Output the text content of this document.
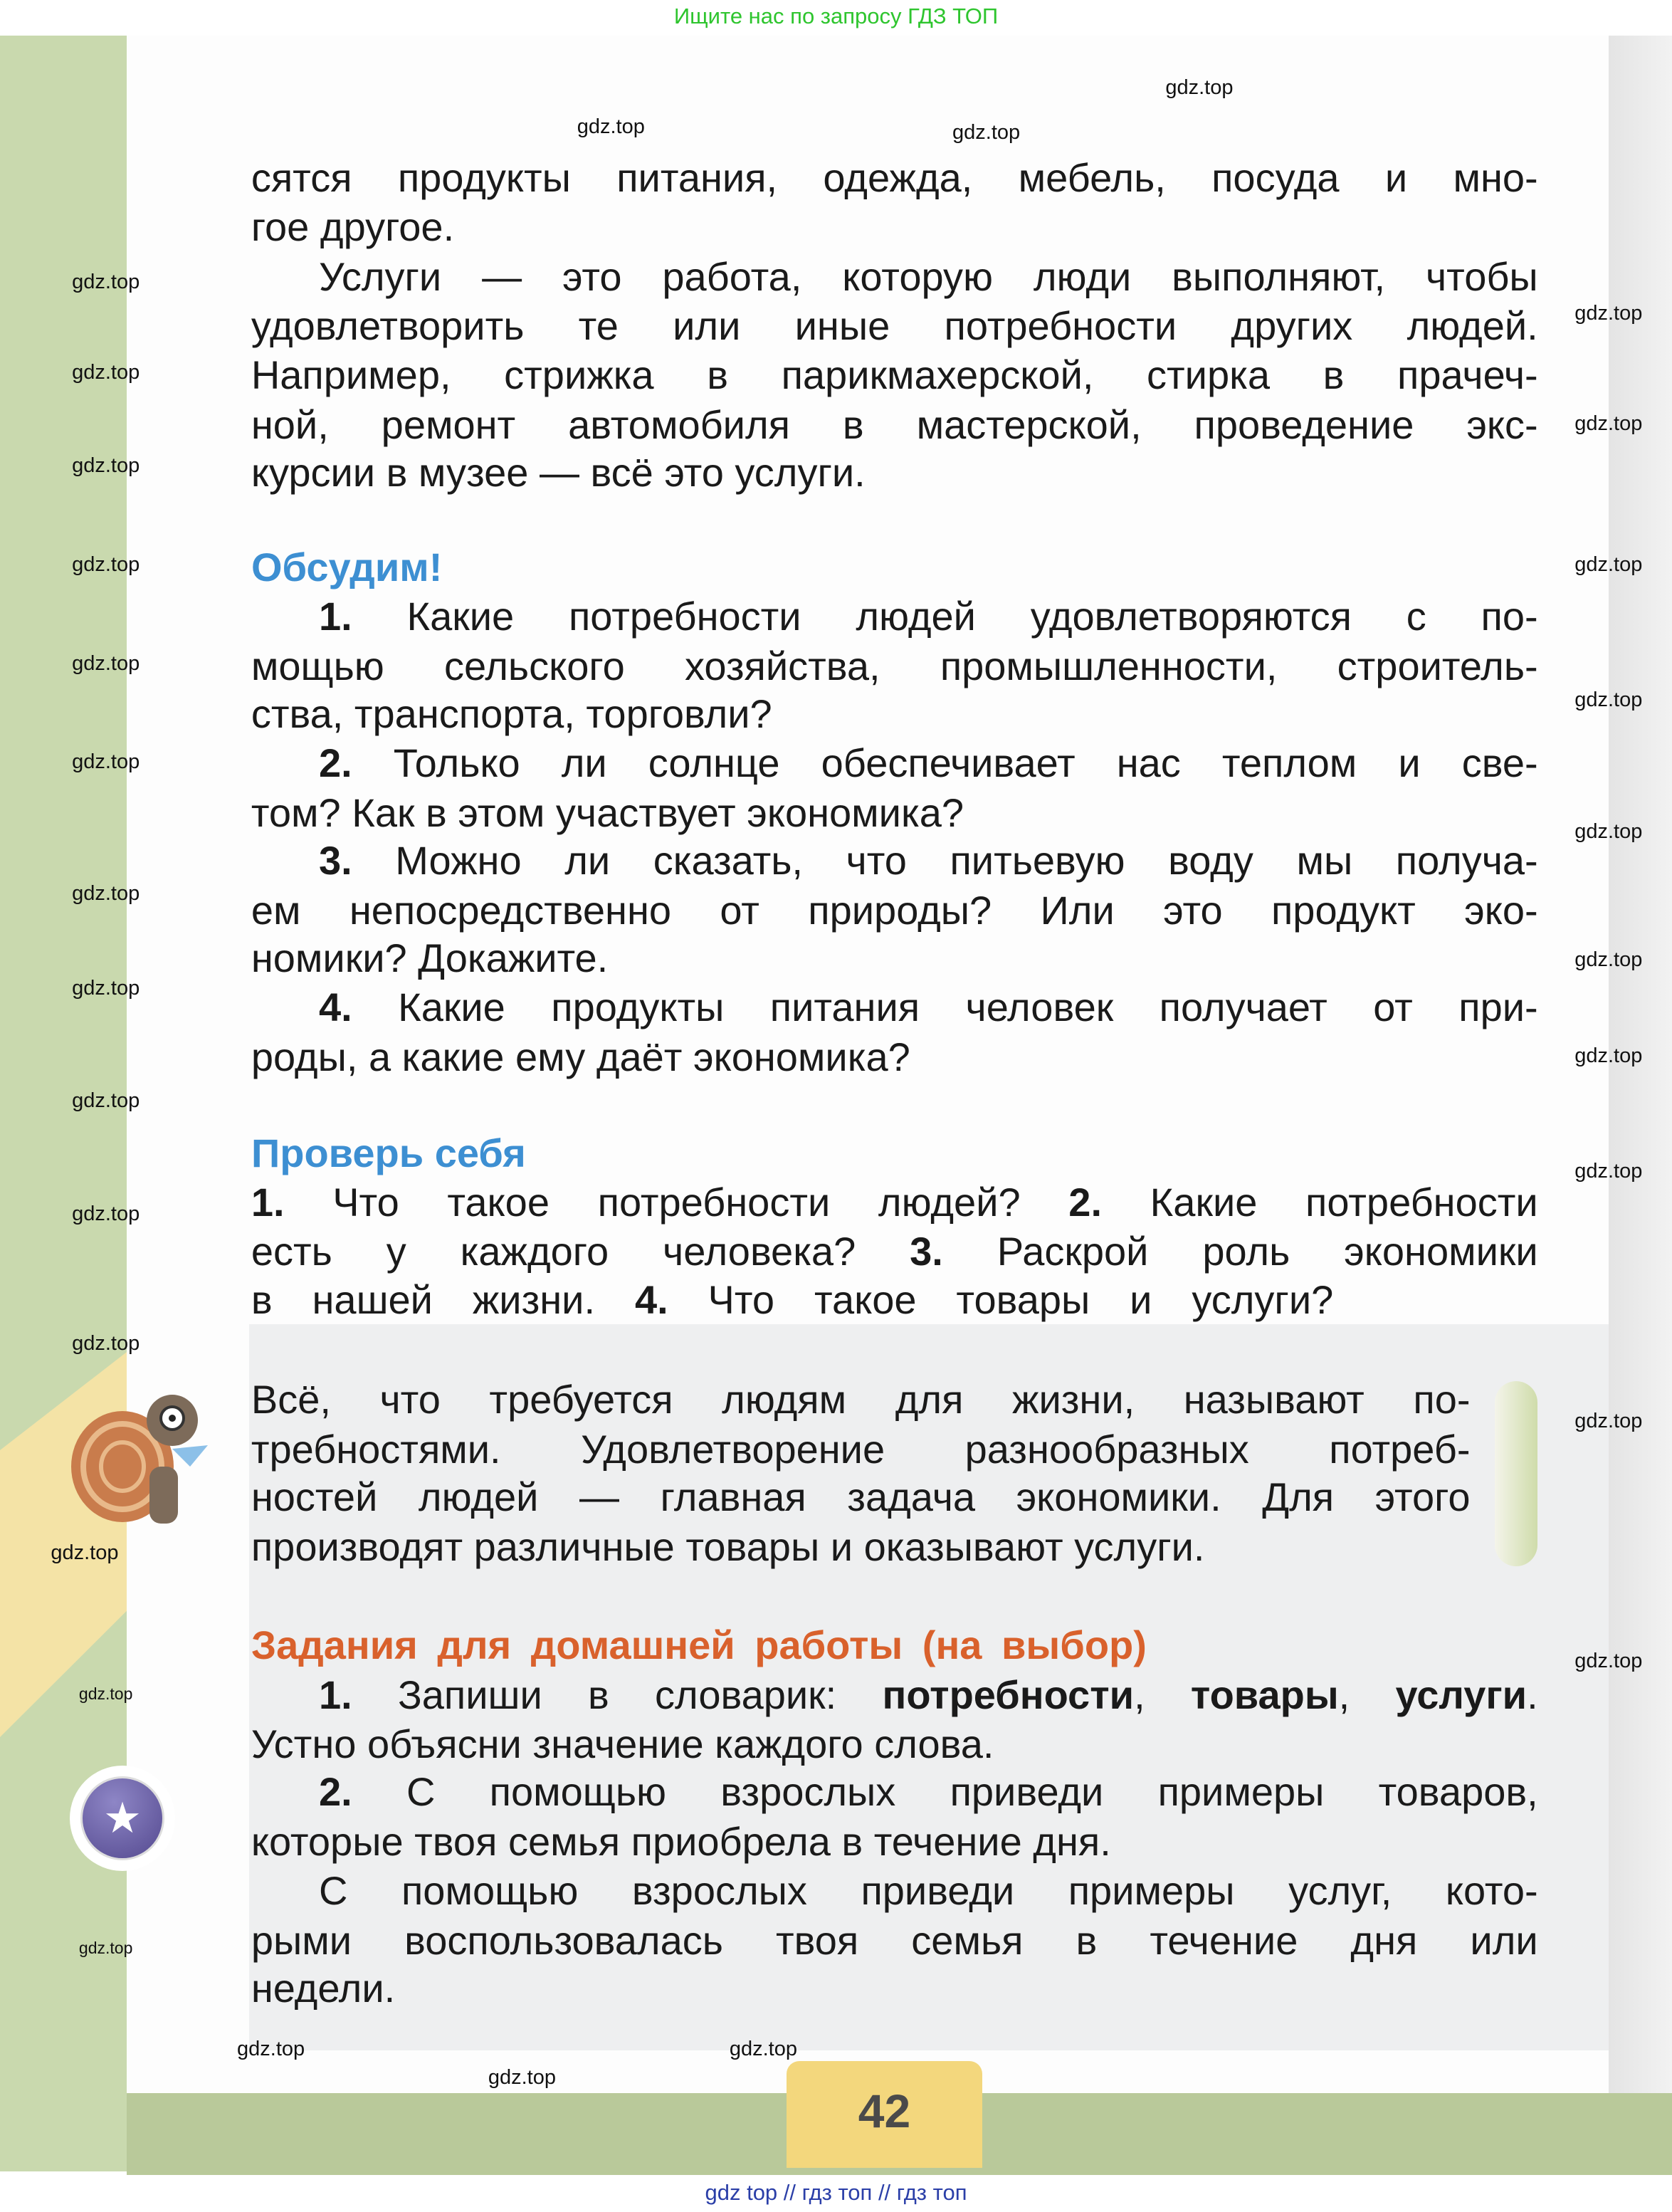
Ищите нас по запросу ГДЗ ТОП
★
Обсудим!
Проверь себя
Задания для домашней работы (на выбор)
сятся продукты питания, одежда, мебель, посуда и мно-
гое другое.
Услуги — это работа, которую люди выполняют, чтобы
удовлетворить те или иные потребности других людей.
Например, стрижка в парикмахерской, стирка в прачеч-
ной, ремонт автомобиля в мастерской, проведение экс-
курсии в музее — всё это услуги.
1. Какие потребности людей удовлетворяются с по-
мощью сельского хозяйства, промышленности, строитель-
ства, транспорта, торговли?
2. Только ли солнце обеспечивает нас теплом и све-
том? Как в этом участвует экономика?
3. Можно ли сказать, что питьевую воду мы получа-
ем непосредственно от природы? Или это продукт эко-
номики? Докажите.
4. Какие продукты питания человек получает от при-
роды, а какие ему даёт экономика?
1. Что такое потребности людей? 2. Какие потребности
есть у каждого человека? 3. Раскрой роль экономики
в нашей жизни. 4. Что такое товары и услуги?
Всё, что требуется людям для жизни, называют по-
требностями. Удовлетворение разнообразных потреб-
ностей людей — главная задача экономики. Для этого
производят различные товары и оказывают услуги.
1. Запиши в словарик: потребности, товары, услуги.
Устно объясни значение каждого слова.
2. С помощью взрослых приведи примеры товаров,
которые твоя семья приобрела в течение дня.
С помощью взрослых приведи примеры услуг, кото-
рыми воспользовалась твоя семья в течение дня или
недели.
gdz.top
gdz.top
gdz.top
gdz.top
gdz.top
gdz.top
gdz.top
gdz.top
gdz.top
gdz.top
gdz.top
gdz.top
gdz.top
gdz.top
gdz.top
gdz.top
gdz.top
gdz.top
gdz.top
gdz.top
gdz.top
gdz.top
gdz.top
gdz.top
gdz.top
gdz.top
gdz.top
gdz.top
gdz.top
gdz.top
42
gdz top // гдз топ // гдз топ
